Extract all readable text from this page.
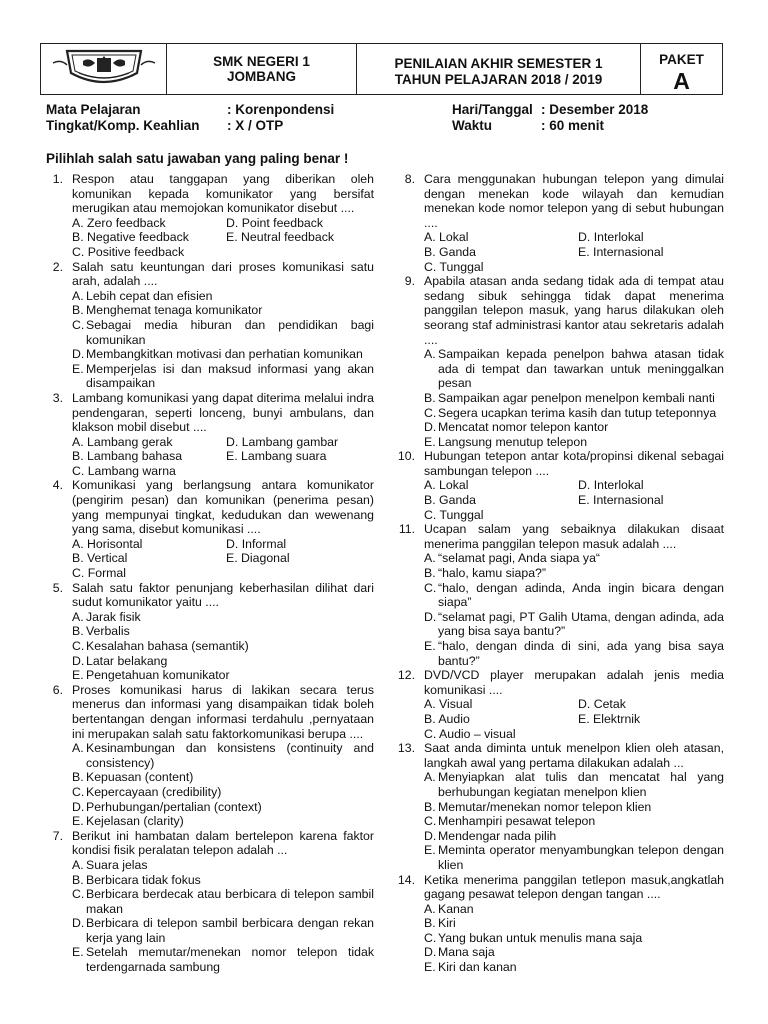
SMK NEGERI 1
JOMBANG
PENILAIAN AKHIR SEMESTER 1
TAHUN PELAJARAN 2018 / 2019
PAKET
A
Mata Pelajaran	: Korenpondensi
Tingkat/Komp. Keahlian : X / OTP
Hari/Tanggal : Desember 2018
Waktu	: 60 menit
Pilihlah salah satu jawaban yang paling benar !
1. Respon atau tanggapan yang diberikan oleh komunikan kepada komunikator yang bersifat merugikan atau memojokan komunikator disebut ....
A. Zero feedback	D. Point feedback
B. Negative feedback	E. Neutral feedback
C. Positive feedback
2. Salah satu keuntungan dari proses komunikasi satu arah, adalah ....
A. Lebih cepat dan efisien
B. Menghemat tenaga komunikator
C. Sebagai media hiburan dan pendidikan bagi komunikan
D. Membangkitkan motivasi dan perhatian komunikan
E. Memperjelas isi dan maksud informasi yang akan disampaikan
3. Lambang komunikasi yang dapat diterima melalui indra pendengaran, seperti lonceng, bunyi ambulans, dan klakson mobil disebut ....
A. Lambang gerak	D. Lambang gambar
B. Lambang bahasa	E. Lambang suara
C. Lambang warna
4. Komunikasi yang berlangsung antara komunikator (pengirim pesan) dan komunikan (penerima pesan) yang mempunyai tingkat, kedudukan dan wewenang yang sama, disebut komunikasi ....
A. Horisontal	D. Informal
B. Vertical	E. Diagonal
C. Formal
5. Salah satu faktor penunjang keberhasilan dilihat dari sudut komunikator yaitu ....
A. Jarak fisik
B. Verbalis
C. Kesalahan bahasa (semantik)
D. Latar belakang
E. Pengetahuan komunikator
6. Proses komunikasi harus di lakikan secara terus menerus dan informasi yang disampaikan tidak boleh bertentangan dengan informasi terdahulu ,pernyataan ini merupakan salah satu faktorkomunikasi berupa ....
A. Kesinambungan dan konsistens (continuity and consistency)
B. Kepuasan (content)
C. Kepercayaan (credibility)
D. Perhubungan/pertalian (context)
E. Kejelasan (clarity)
7. Berikut ini hambatan dalam bertelepon karena faktor kondisi fisik peralatan telepon adalah ...
A. Suara jelas
B. Berbicara tidak fokus
C. Berbicara berdecak atau berbicara di telepon sambil makan
D. Berbicara di telepon sambil berbicara dengan rekan kerja yang lain
E. Setelah memutar/menekan nomor telepon tidak terdengarnada sambung
8. Cara menggunakan hubungan telepon yang dimulai dengan menekan kode wilayah dan kemudian menekan kode nomor telepon yang di sebut hubungan ....
A. Lokal	D. Interlokal
B. Ganda	E. Internasional
C. Tunggal
9. Apabila atasan anda sedang tidak ada di tempat atau sedang sibuk sehingga tidak dapat menerima panggilan telepon masuk, yang harus dilakukan oleh seorang staf administrasi kantor atau sekretaris adalah ....
A. Sampaikan kepada penelpon bahwa atasan tidak ada di tempat dan tawarkan untuk meninggalkan pesan
B. Sampaikan agar penelpon menelpon kembali nanti
C. Segera ucapkan terima kasih dan tutup teteponnya
D. Mencatat nomor telepon kantor
E. Langsung menutup telepon
10. Hubungan tetepon antar kota/propinsi dikenal sebagai sambungan telepon ....
A. Lokal	D. Interlokal
B. Ganda	E. Internasional
C. Tunggal
11. Ucapan salam yang sebaiknya dilakukan disaat menerima panggilan telepon masuk adalah ....
A. “selamat pagi, Anda siapa ya“
B. “halo, kamu siapa?”
C. “halo, dengan adinda, Anda ingin bicara dengan siapa”
D. “selamat pagi, PT Galih Utama, dengan adinda, ada yang bisa saya bantu?”
E. “halo, dengan dinda di sini, ada yang bisa saya bantu?”
12. DVD/VCD player merupakan adalah jenis media komunikasi ....
A. Visual	D. Cetak
B. Audio	E. Elektrnik
C. Audio – visual
13. Saat anda diminta untuk menelpon klien oleh atasan, langkah awal yang pertama dilakukan adalah ...
A. Menyiapkan alat tulis dan mencatat hal yang berhubungan kegiatan menelpon klien
B. Memutar/menekan nomor telepon klien
C. Menhampiri pesawat telepon
D. Mendengar nada pilih
E. Meminta operator menyambungkan telepon dengan klien
14. Ketika menerima panggilan tetlepon masuk,angkatlah gagang pesawat telepon dengan tangan ....
A. Kanan
B. Kiri
C. Yang bukan untuk menulis mana saja
D. Mana saja
E. Kiri dan kanan
